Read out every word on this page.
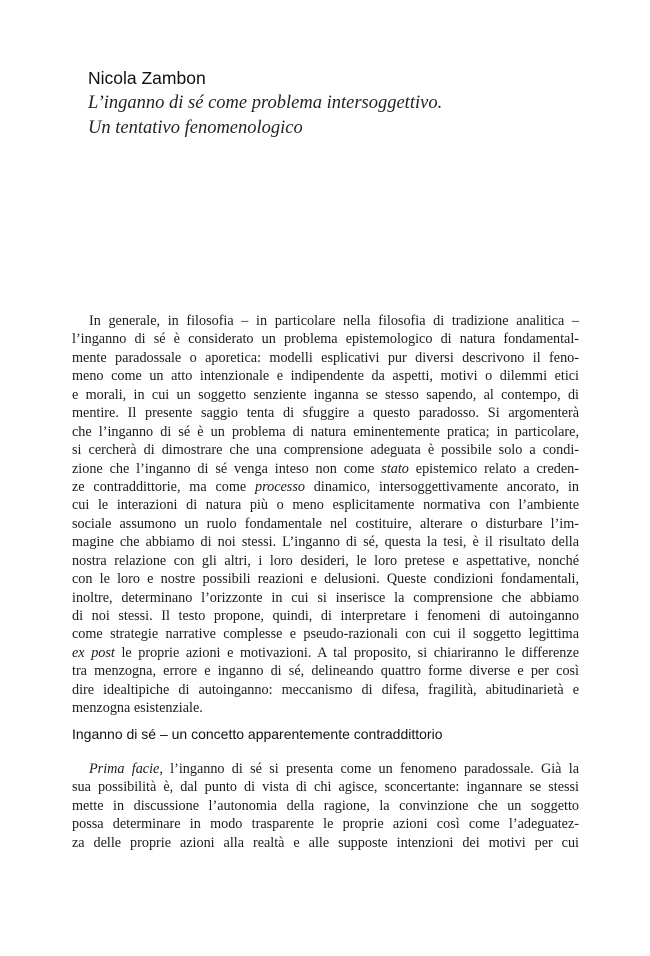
Nicola Zambon
L’inganno di sé come problema intersoggettivo.
Un tentativo fenomenologico
In generale, in filosofia – in particolare nella filosofia di tradizione analitica –
l’inganno di sé è considerato un problema epistemologico di natura fondamental-
mente paradossale o aporetica: modelli esplicativi pur diversi descrivono il feno-
meno come un atto intenzionale e indipendente da aspetti, motivi o dilemmi etici
e morali, in cui un soggetto senziente inganna se stesso sapendo, al contempo, di
mentire. Il presente saggio tenta di sfuggire a questo paradosso. Si argomenterà
che l’inganno di sé è un problema di natura eminentemente pratica; in particolare,
si cercherà di dimostrare che una comprensione adeguata è possibile solo a condi-
zione che l’inganno di sé venga inteso non come stato epistemico relato a creden-
ze contraddittorie, ma come processo dinamico, intersoggettivamente ancorato, in
cui le interazioni di natura più o meno esplicitamente normativa con l’ambiente
sociale assumono un ruolo fondamentale nel costituire, alterare o disturbare l’im-
magine che abbiamo di noi stessi. L’inganno di sé, questa la tesi, è il risultato della
nostra relazione con gli altri, i loro desideri, le loro pretese e aspettative, nonché
con le loro e nostre possibili reazioni e delusioni. Queste condizioni fondamentali,
inoltre, determinano l’orizzonte in cui si inserisce la comprensione che abbiamo
di noi stessi. Il testo propone, quindi, di interpretare i fenomeni di autoinganno
come strategie narrative complesse e pseudo-razionali con cui il soggetto legittima
ex post le proprie azioni e motivazioni. A tal proposito, si chiariranno le differenze
tra menzogna, errore e inganno di sé, delineando quattro forme diverse e per così
dire idealtipiche di autoinganno: meccanismo di difesa, fragilità, abitudinarietà e
menzogna esistenziale.
Inganno di sé – un concetto apparentemente contraddittorio
Prima facie, l’inganno di sé si presenta come un fenomeno paradossale. Già la
sua possibilità è, dal punto di vista di chi agisce, sconcertante: ingannare se stessi
mette in discussione l’autonomia della ragione, la convinzione che un soggetto
possa determinare in modo trasparente le proprie azioni così come l’adeguatez-
za delle proprie azioni alla realtà e alle supposte intenzioni dei motivi per cui
